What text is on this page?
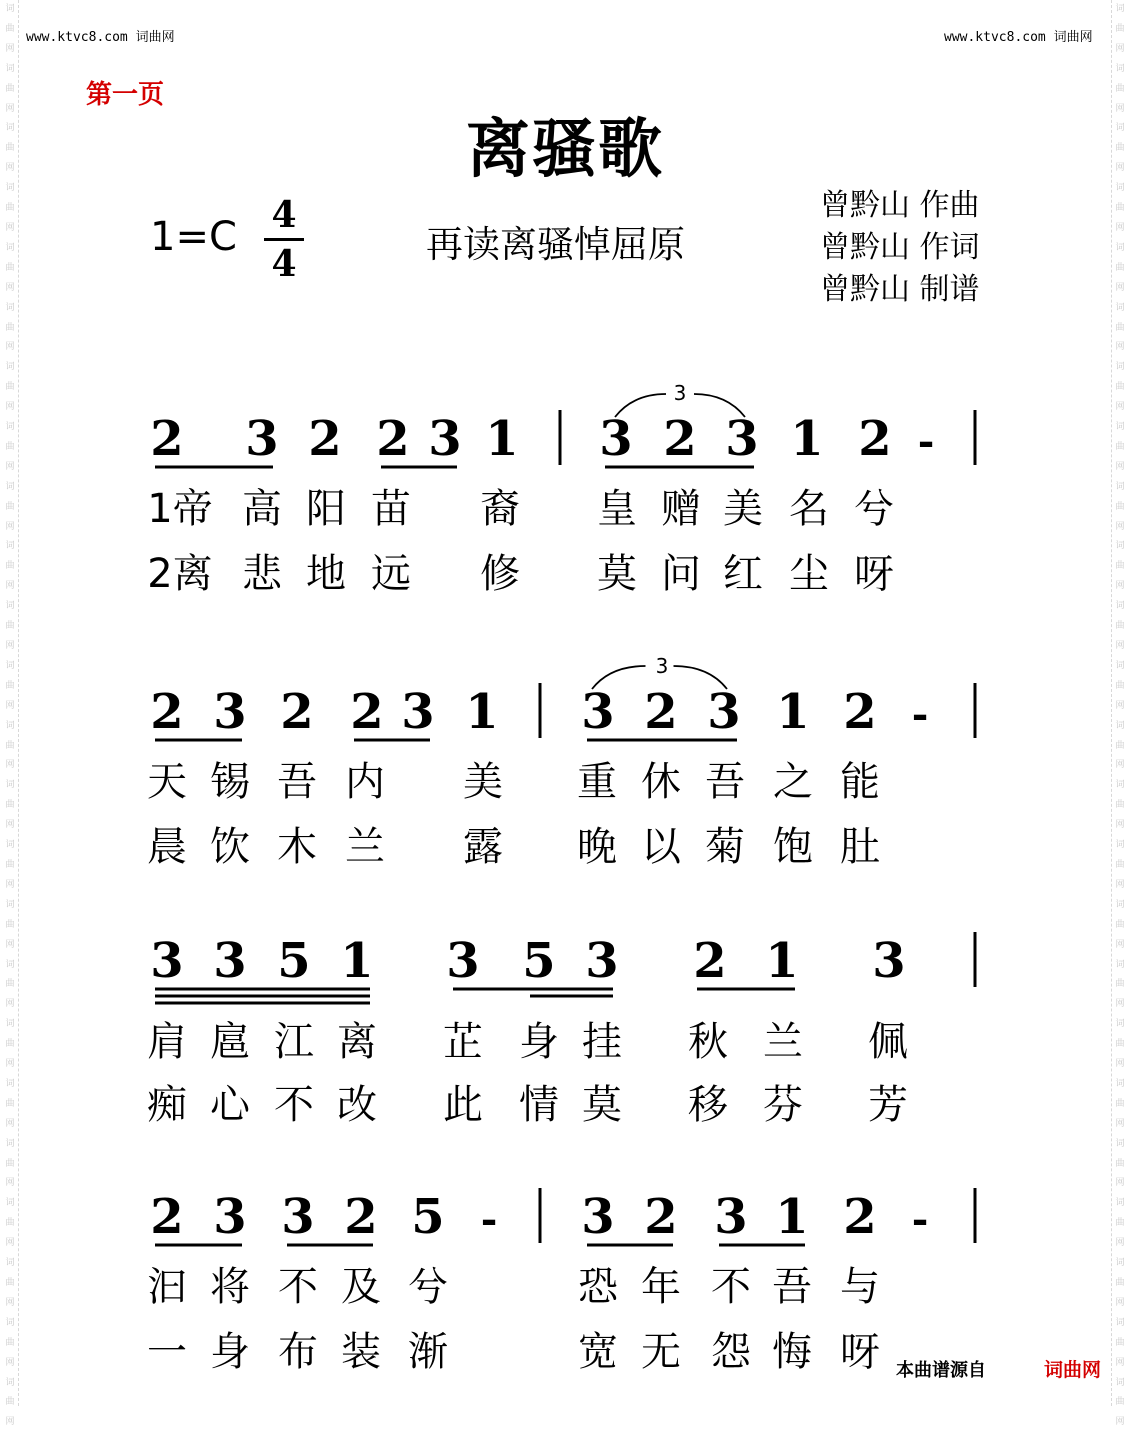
词曲网词曲网词曲网词曲网词曲网词曲网词曲网词曲网词曲网词曲网词曲网词曲网词曲网词曲网词曲网词曲网词曲网词曲网词曲网词曲网词曲网词曲网词曲网词曲网
词曲网词曲网词曲网词曲网词曲网词曲网词曲网词曲网词曲网词曲网词曲网词曲网词曲网词曲网词曲网词曲网词曲网词曲网词曲网词曲网词曲网词曲网词曲网词曲网
www.ktvc8.com 词曲网	www.ktvc8.com 词曲网
第一页
离骚歌
1=C 4
4	再读离骚悼屈原
曾黔山 作曲
曾黔山 作词
曾黔山 制谱
2 3 2 2 3 1 3 2 3 1 2 -
3
1帝 高 阳 苗 裔 皇 赠 美 名 兮
2离 悲 地 远 修 莫 问 红 尘 呀
2 3 2 2 3 1 3 2 3 1 2 -
3
天 锡 吾 内 美 重 休 吾 之 能
晨 饮 木 兰 露 晚 以 菊 饱 肚
3 3 5 1 3 5 3 2 1 3
肩 扈 江 离 芷 身 挂 秋 兰 佩
痴 心 不 改 此 情 莫 移 芬 芳
2 3 3 2 5 - 3 2 3 1 2 -
汩 将 不 及 兮	恐 年 不 吾 与
一 身 布 装 渐	宽 无 怨 悔 呀 本曲谱源自	词曲网
